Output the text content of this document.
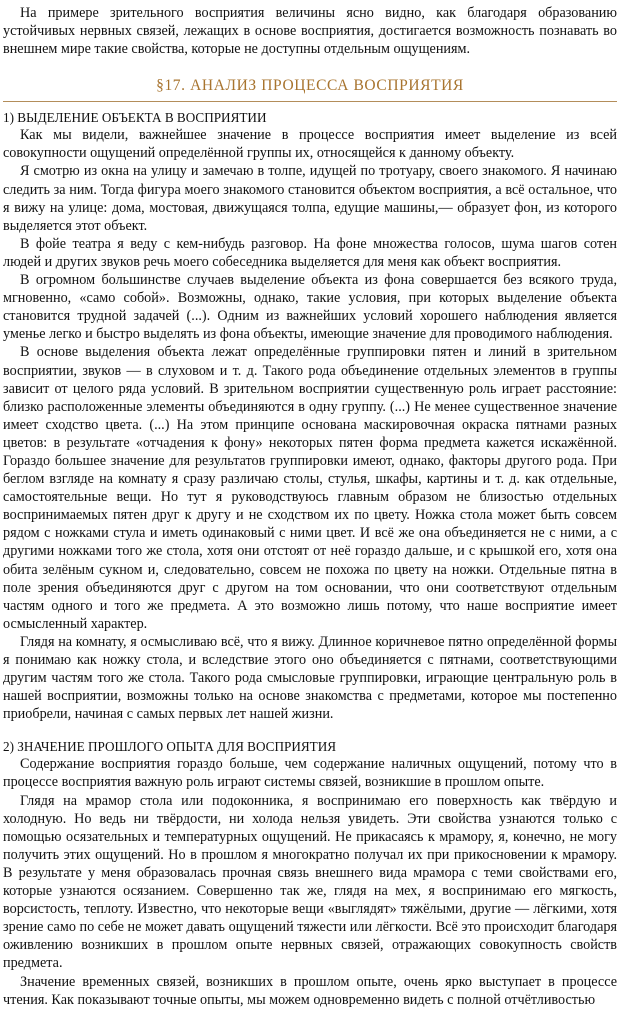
На примере зрительного восприятия величины ясно видно, как благодаря образованию устойчивых нервных связей, лежащих в основе восприятия, достигается возможность познавать во внешнем мире такие свойства, которые не доступны отдельным ощущениям.

§17. АНАЛИЗ ПРОЦЕССА ВОСПРИЯТИЯ

1) ВЫДЕЛЕНИЕ ОБЪЕКТА В ВОСПРИЯТИИ

Как мы видели, важнейшее значение в процессе восприятия имеет выделение из всей совокупности ощущений определённой группы их, относящейся к данному объекту.

Я смотрю из окна на улицу и замечаю в толпе, идущей по тротуару, своего знакомого. Я начинаю следить за ним. Тогда фигура моего знакомого становится объектом восприятия, а всё остальное, что я вижу на улице: дома, мостовая, движущаяся толпа, едущие машины,— образует фон, из которого выделяется этот объект.

В фойе театра я веду с кем-нибудь разговор. На фоне множества голосов, шума шагов сотен людей и других звуков речь моего собеседника выделяется для меня как объект восприятия.

В огромном большинстве случаев выделение объекта из фона совершается без всякого труда, мгновенно, «само собой». Возможны, однако, такие условия, при которых выделение объекта становится трудной задачей (...). Одним из важнейших условий хорошего наблюдения является уменье легко и быстро выделять из фона объекты, имеющие значение для проводимого наблюдения.

В основе выделения объекта лежат определённые группировки пятен и линий в зрительном восприятии, звуков — в слуховом и т. д. Такого рода объединение отдельных элементов в группы зависит от целого ряда условий. В зрительном восприятии существенную роль играет расстояние: близко расположенные элементы объединяются в одну группу. (...) Не менее существенное значение имеет сходство цвета. (...) На этом принципе основана маскировочная окраска пятнами разных цветов: в результате «отчадения к фону» некоторых пятен форма предмета кажется искажённой. Гораздо большее значение для результатов группировки имеют, однако, факторы другого рода. При беглом взгляде на комнату я сразу различаю столы, стулья, шкафы, картины и т. д. как отдельные, самостоятельные вещи. Но тут я руководствуюсь главным образом не близостью отдельных воспринимаемых пятен друг к другу и не сходством их по цвету. Ножка стола может быть совсем рядом с ножками стула и иметь одинаковый с ними цвет. И всё же она объединяется не с ними, а с другими ножками того же стола, хотя они отстоят от неё гораздо дальше, и с крышкой его, хотя она обита зелёным сукном и, следовательно, совсем не похожа по цвету на ножки. Отдельные пятна в поле зрения объединяются друг с другом на том основании, что они соответствуют отдельным частям одного и того же предмета. А это возможно лишь потому, что наше восприятие имеет осмысленный характер.

Глядя на комнату, я осмысливаю всё, что я вижу. Длинное коричневое пятно определённой формы я понимаю как ножку стола, и вследствие этого оно объединяется с пятнами, соответствующими другим частям того же стола. Такого рода смысловые группировки, играющие центральную роль в нашей восприятии, возможны только на основе знакомства с предметами, которое мы постепенно приобрели, начиная с самых первых лет нашей жизни.

2) ЗНАЧЕНИЕ ПРОШЛОГО ОПЫТА ДЛЯ ВОСПРИЯТИЯ

Содержание восприятия гораздо больше, чем содержание наличных ощущений, потому что в процессе восприятия важную роль играют системы связей, возникшие в прошлом опыте.

Глядя на мрамор стола или подоконника, я воспринимаю его поверхность как твёрдую и холодную. Но ведь ни твёрдости, ни холода нельзя увидеть. Эти свойства узнаются только с помощью осязательных и температурных ощущений. Не прикасаясь к мрамору, я, конечно, не могу получить этих ощущений. Но в прошлом я многократно получал их при прикосновении к мрамору. В результате у меня образовалась прочная связь внешнего вида мрамора с теми свойствами его, которые узнаются осязанием. Совершенно так же, глядя на мех, я воспринимаю его мягкость, ворсистость, теплоту. Известно, что некоторые вещи «выглядят» тяжёлыми, другие — лёгкими, хотя зрение само по себе не может давать ощущений тяжести или лёгкости. Всё это происходит благодаря оживлению возникших в прошлом опыте нервных связей, отражающих совокупность свойств предмета.

Значение временных связей, возникших в прошлом опыте, очень ярко выступает в процессе чтения. Как показывают точные опыты, мы можем одновременно видеть с полной отчётливостью
